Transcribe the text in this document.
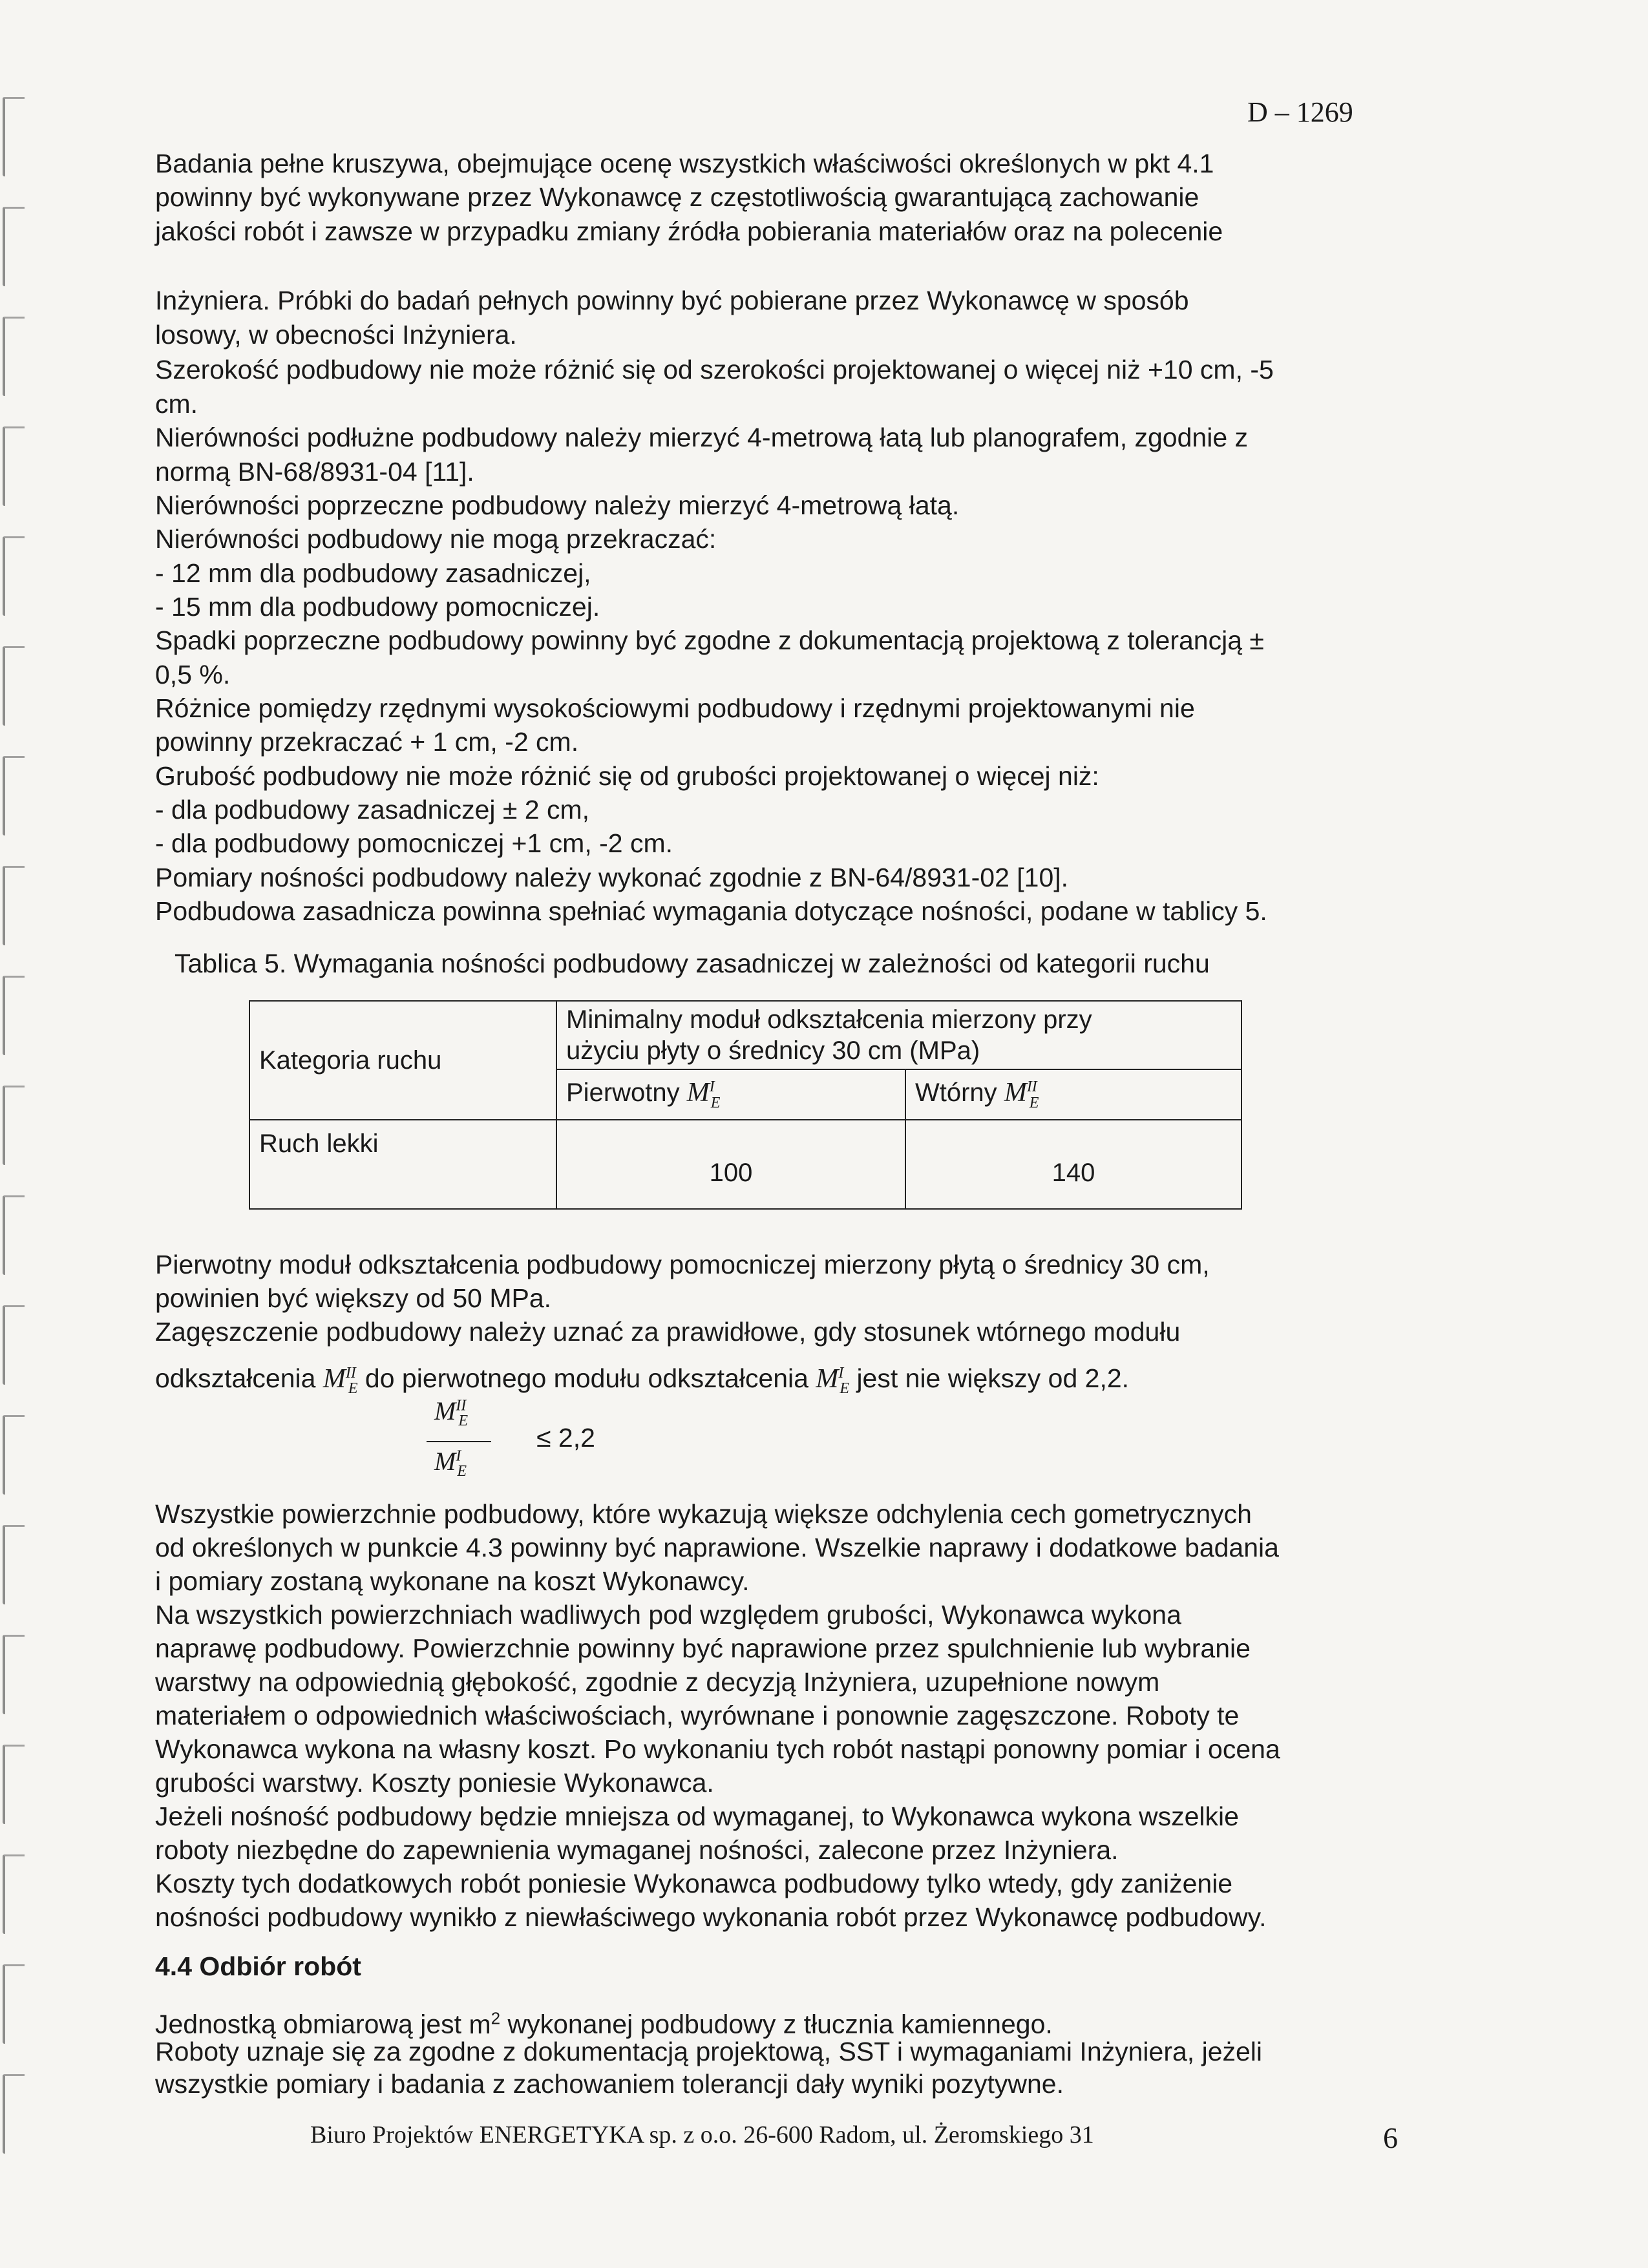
D – 1269
Badania pełne kruszywa, obejmujące ocenę wszystkich właściwości określonych w pkt 4.1
powinny być wykonywane przez Wykonawcę z częstotliwością gwarantującą zachowanie
jakości robót i zawsze w przypadku zmiany źródła pobierania materiałów oraz na polecenie
Inżyniera. Próbki do badań pełnych powinny być pobierane przez Wykonawcę w sposób
losowy, w obecności Inżyniera.
Szerokość podbudowy nie może różnić się od szerokości projektowanej o więcej niż +10 cm, -5
cm.
Nierówności podłużne podbudowy należy mierzyć 4-metrową łatą lub planografem, zgodnie z
normą BN-68/8931-04 [11].
Nierówności poprzeczne podbudowy należy mierzyć 4-metrową łatą.
Nierówności podbudowy nie mogą przekraczać:
- 12 mm dla podbudowy zasadniczej,
- 15 mm dla podbudowy pomocniczej.
Spadki poprzeczne podbudowy powinny być zgodne z dokumentacją projektową z tolerancją ±
0,5 %.
Różnice pomiędzy rzędnymi wysokościowymi podbudowy i rzędnymi projektowanymi nie
powinny przekraczać + 1 cm, -2 cm.
Grubość podbudowy nie może różnić się od grubości projektowanej o więcej niż:
- dla podbudowy zasadniczej ± 2 cm,
- dla podbudowy pomocniczej +1 cm, -2 cm.
Pomiary nośności podbudowy należy wykonać zgodnie z BN-64/8931-02 [10].
Podbudowa zasadnicza powinna spełniać wymagania dotyczące nośności, podane w tablicy 5.
Tablica 5. Wymagania nośności podbudowy zasadniczej w zależności od kategorii ruchu
Kategoria ruchu	Minimalny moduł odkształcenia mierzony przy
użyciu płyty o średnicy 30 cm (MPa)	

	Pierwotny $M^I_E$	Wtórny $M^{II}_E$
Ruch lekki	100	140
Pierwotny moduł odkształcenia podbudowy pomocniczej mierzony płytą o średnicy 30 cm,
powinien być większy od 50 MPa.
Zagęszczenie podbudowy należy uznać za prawidłowe, gdy stosunek wtórnego modułu
odkształcenia $M^{II}_E$ do pierwotnego modułu odkształcenia $M^I_E$ jest nie większy od 2,2.
$M^{II}_E$
$M^I_E$
≤ 2,2
Wszystkie powierzchnie podbudowy, które wykazują większe odchylenia cech gometrycznych
od określonych w punkcie 4.3 powinny być naprawione. Wszelkie naprawy i dodatkowe badania
i pomiary zostaną wykonane na koszt Wykonawcy.
Na wszystkich powierzchniach wadliwych pod względem grubości, Wykonawca wykona
naprawę podbudowy. Powierzchnie powinny być naprawione przez spulchnienie lub wybranie
warstwy na odpowiednią głębokość, zgodnie z decyzją Inżyniera, uzupełnione nowym
materiałem o odpowiednich właściwościach, wyrównane i ponownie zagęszczone. Roboty te
Wykonawca wykona na własny koszt. Po wykonaniu tych robót nastąpi ponowny pomiar i ocena
grubości warstwy. Koszty poniesie Wykonawca.
Jeżeli nośność podbudowy będzie mniejsza od wymaganej, to Wykonawca wykona wszelkie
roboty niezbędne do zapewnienia wymaganej nośności, zalecone przez Inżyniera.
Koszty tych dodatkowych robót poniesie Wykonawca podbudowy tylko wtedy, gdy zaniżenie
nośności podbudowy wynikło z niewłaściwego wykonania robót przez Wykonawcę podbudowy.
4.4 Odbiór robót
Jednostką obmiarową jest $m^2$ wykonanej podbudowy z tłucznia kamiennego.
Roboty uznaje się za zgodne z dokumentacją projektową, SST i wymaganiami Inżyniera, jeżeli
wszystkie pomiary i badania z zachowaniem tolerancji dały wyniki pozytywne.
Biuro Projektów ENERGETYKA sp. z o.o. 26-600 Radom, ul. Żeromskiego 31	6
